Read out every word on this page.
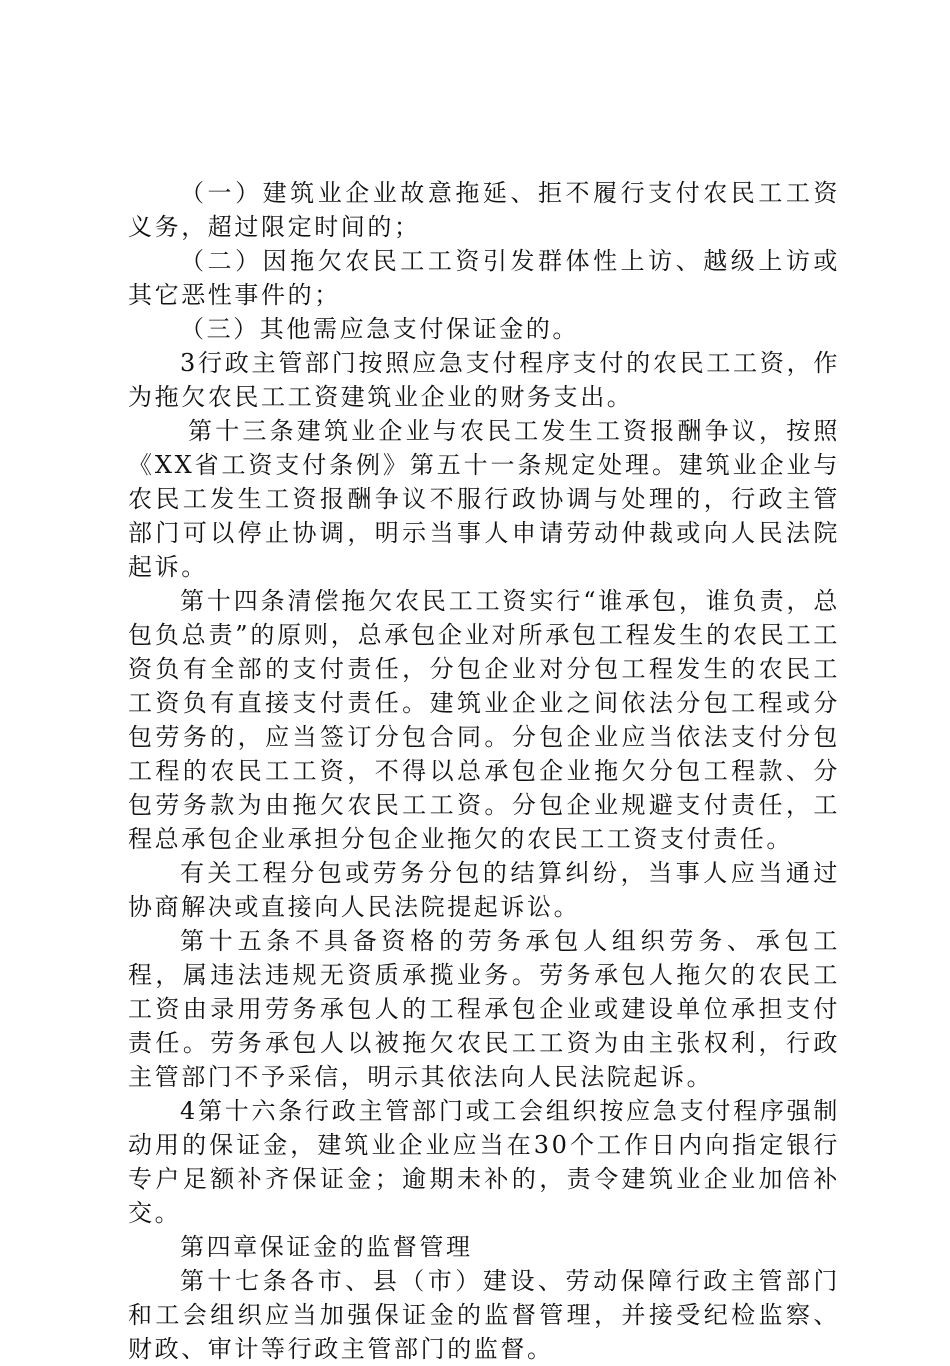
（一）建筑业企业故意拖延、拒不履行支付农民工工资义务，超过限定时间的；

（二）因拖欠农民工工资引发群体性上访、越级上访或其它恶性事件的；

（三）其他需应急支付保证金的。

3行政主管部门按照应急支付程序支付的农民工工资，作为拖欠农民工工资建筑业企业的财务支出。

第十三条建筑业企业与农民工发生工资报酬争议，按照《XX省工资支付条例》第五十一条规定处理。建筑业企业与农民工发生工资报酬争议不服行政协调与处理的，行政主管部门可以停止协调，明示当事人申请劳动仲裁或向人民法院起诉。

第十四条清偿拖欠农民工工资实行“谁承包，谁负责，总包负总责”的原则，总承包企业对所承包工程发生的农民工工资负有全部的支付责任，分包企业对分包工程发生的农民工工资负有直接支付责任。建筑业企业之间依法分包工程或分包劳务的，应当签订分包合同。分包企业应当依法支付分包工程的农民工工资，不得以总承包企业拖欠分包工程款、分包劳务款为由拖欠农民工工资。分包企业规避支付责任，工程总承包企业承担分包企业拖欠的农民工工资支付责任。

有关工程分包或劳务分包的结算纠纷，当事人应当通过协商解决或直接向人民法院提起诉讼。

第十五条不具备资格的劳务承包人组织劳务、承包工程，属违法违规无资质承揽业务。劳务承包人拖欠的农民工工资由录用劳务承包人的工程承包企业或建设单位承担支付责任。劳务承包人以被拖欠农民工工资为由主张权利，行政主管部门不予采信，明示其依法向人民法院起诉。

4第十六条行政主管部门或工会组织按应急支付程序强制动用的保证金，建筑业企业应当在30个工作日内向指定银行专户足额补齐保证金；逾期未补的，责令建筑业企业加倍补交。

第四章保证金的监督管理

第十七条各市、县（市）建设、劳动保障行政主管部门和工会组织应当加强保证金的监督管理，并接受纪检监察、财政、审计等行政主管部门的监督。
